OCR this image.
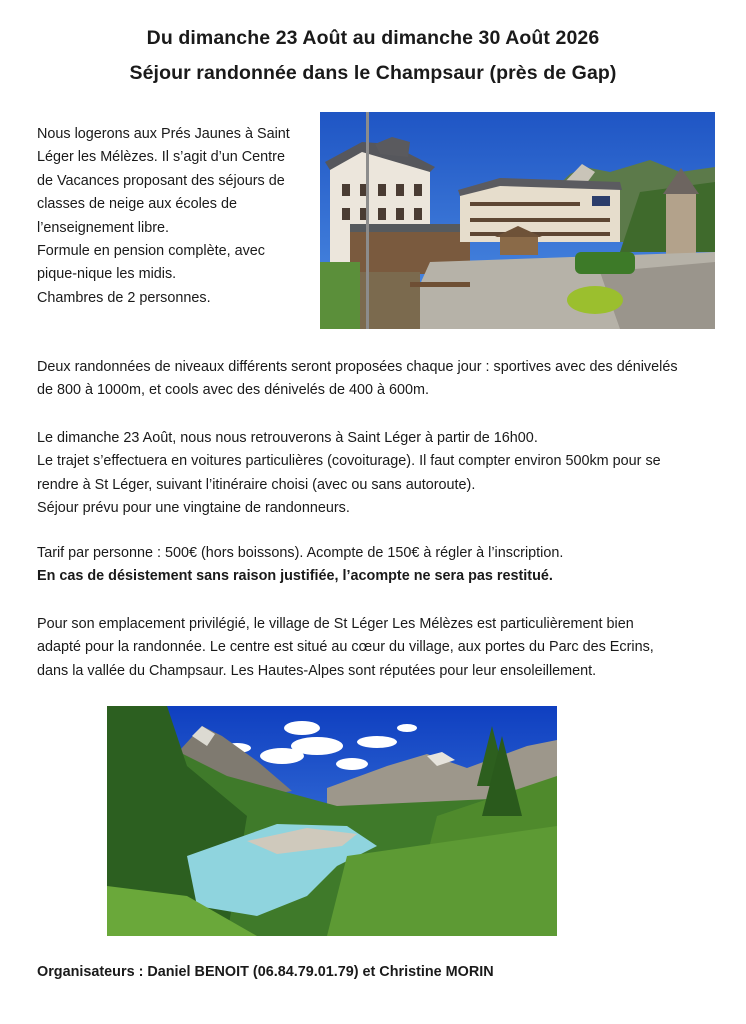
Du dimanche 23 Août au dimanche 30 Août 2026
Séjour randonnée dans le Champsaur (près de Gap)
Nous logerons aux Prés Jaunes à Saint
Léger les Mélèzes. Il s’agit d’un Centre
de Vacances proposant des séjours de
classes de neige aux écoles de
l’enseignement libre.
Formule en pension complète, avec
pique-nique les midis.
Chambres de 2 personnes.
Deux randonnées de niveaux différents seront proposées chaque jour : sportives avec des dénivelés
de 800 à 1000m, et cools avec des dénivelés de 400 à 600m.
Le dimanche 23 Août, nous nous retrouverons à Saint Léger à partir de 16h00.
Le trajet s’effectuera en voitures particulières (covoiturage). Il faut compter environ 500km pour se
rendre à St Léger, suivant l’itinéraire choisi (avec ou sans autoroute).
Séjour prévu pour une vingtaine de randonneurs.
Tarif par personne : 500€ (hors boissons). Acompte de 150€ à régler à l’inscription.
En cas de désistement sans raison justifiée, l’acompte ne sera pas restitué.
Pour son emplacement privilégié, le village de St Léger Les Mélèzes est particulièrement bien
adapté pour la randonnée. Le centre est situé au cœur du village, aux portes du Parc des Ecrins,
dans la vallée du Champsaur. Les Hautes-Alpes sont réputées pour leur ensoleillement.
Organisateurs : Daniel BENOIT (06.84.79.01.79) et Christine MORIN
